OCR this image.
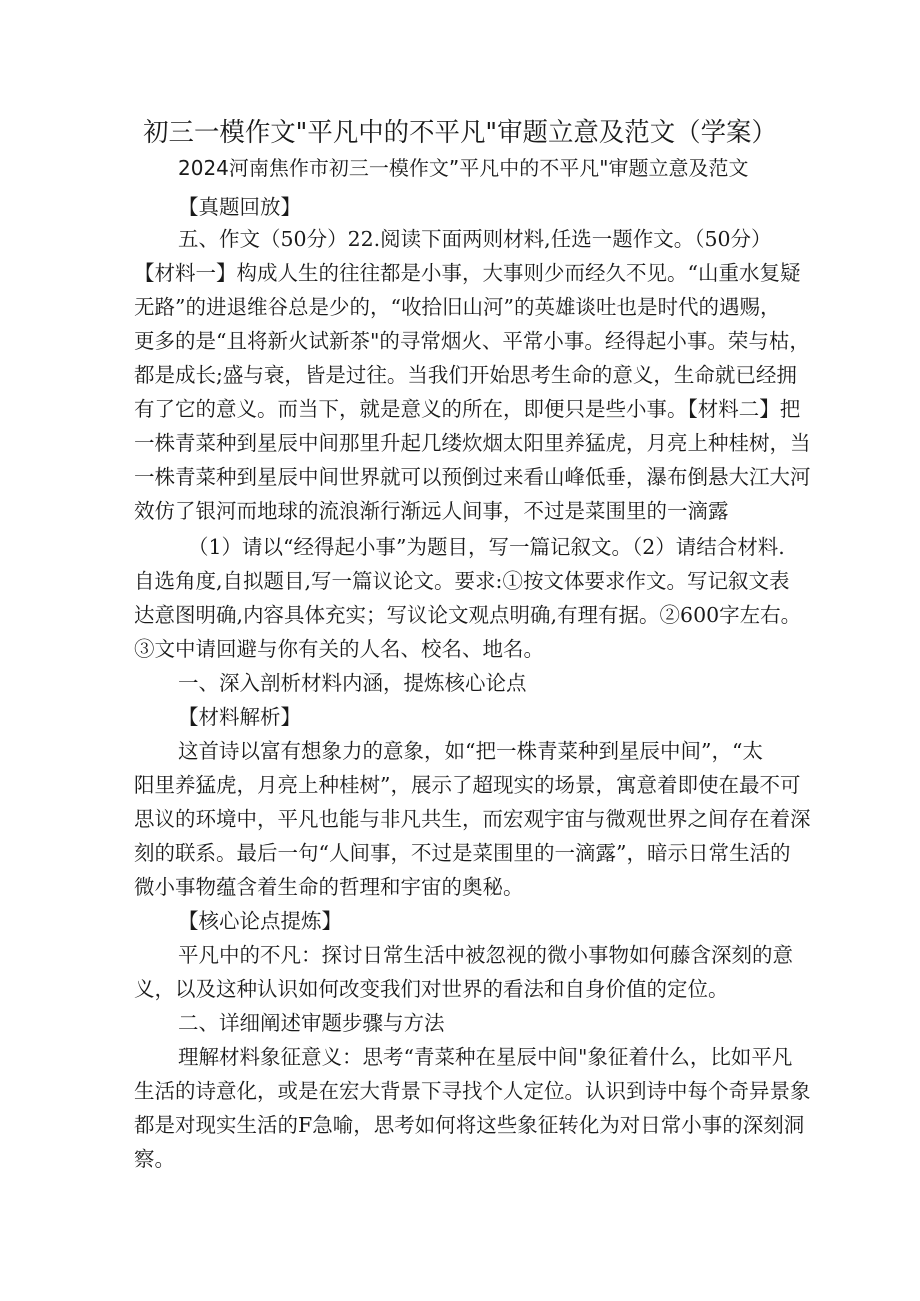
初三一模作文"平凡中的不平凡"审题立意及范文（学案）
2024河南焦作市初三一模作文”平凡中的不平凡"审题立意及范文
【真题回放】
五、作文（50分）22.阅读下面两则材料,任选一题作文。（50分）
【材料一】构成人生的往往都是小事，大事则少而经久不见。“山重水复疑
无路”的进退维谷总是少的，“收拾旧山河”的英雄谈吐也是时代的遇赐，
更多的是“且将新火试新茶"的寻常烟火、平常小事。经得起小事。荣与枯，
都是成长;盛与衰，皆是过往。当我们开始思考生命的意义，生命就已经拥
有了它的意义。而当下，就是意义的所在，即便只是些小事。【材料二】把
一株青菜种到星辰中间那里升起几缕炊烟太阳里养猛虎，月亮上种桂树，当
一株青菜种到星辰中间世界就可以预倒过来看山峰低垂，瀑布倒悬大江大河
效仿了银河而地球的流浪渐行渐远人间事，不过是菜围里的一滴露
（1）请以“经得起小事”为题目，写一篇记叙文。（2）请结合材料.
自选角度,自拟题目,写一篇议论文。要求:①按文体要求作文。写记叙文表
达意图明确,内容具体充实；写议论文观点明确,有理有据。②600字左右。
③文中请回避与你有关的人名、校名、地名。
一、深入剖析材料内涵，提炼核心论点
【材料解析】
这首诗以富有想象力的意象，如“把一株青菜种到星辰中间”，“太
阳里养猛虎，月亮上种桂树”，展示了超现实的场景，寓意着即使在最不可
思议的环境中，平凡也能与非凡共生，而宏观宇宙与微观世界之间存在着深
刻的联系。最后一句“人间事，不过是菜围里的一滴露”，暗示日常生活的
微小事物蕴含着生命的哲理和宇宙的奥秘。
【核心论点提炼】
平凡中的不凡：探讨日常生活中被忽视的微小事物如何藤含深刻的意
义，以及这种认识如何改变我们对世界的看法和自身价值的定位。
二、详细阐述审题步骤与方法
理解材料象征意义：思考“青菜种在星辰中间"象征着什么，比如平凡
生活的诗意化，或是在宏大背景下寻找个人定位。认识到诗中每个奇异景象
都是对现实生活的F急喻，思考如何将这些象征转化为对日常小事的深刻洞
察。
